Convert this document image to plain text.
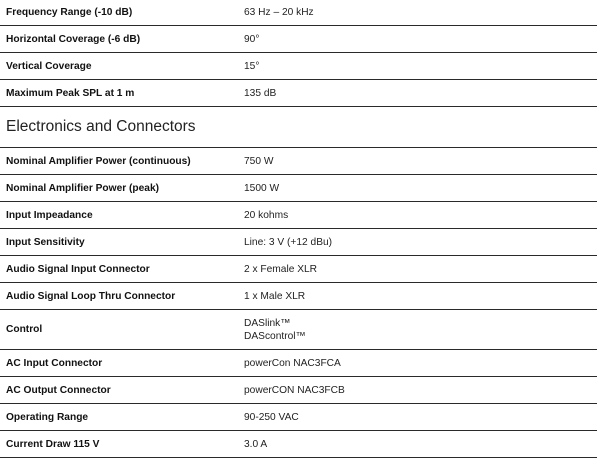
Frequency Range (-10 dB)	63 Hz – 20 kHz
Horizontal Coverage (-6 dB)	90°
Vertical Coverage	15°
Maximum Peak SPL at 1 m	135 dB
Electronics and Connectors
Nominal Amplifier Power (continuous)	750 W
Nominal Amplifier Power (peak)	1500 W
Input Impeadance	20 kohms
Input Sensitivity	Line: 3 V (+12 dBu)
Audio Signal Input Connector	2 x Female XLR
Audio Signal Loop Thru Connector	1 x Male XLR
Control	DASlink™
DAScontrol™

AC Input Connector	powerCon NAC3FCA
AC Output Connector	powerCON NAC3FCB
Operating Range	90-250 VAC
Current Draw 115 V	3.0 A
